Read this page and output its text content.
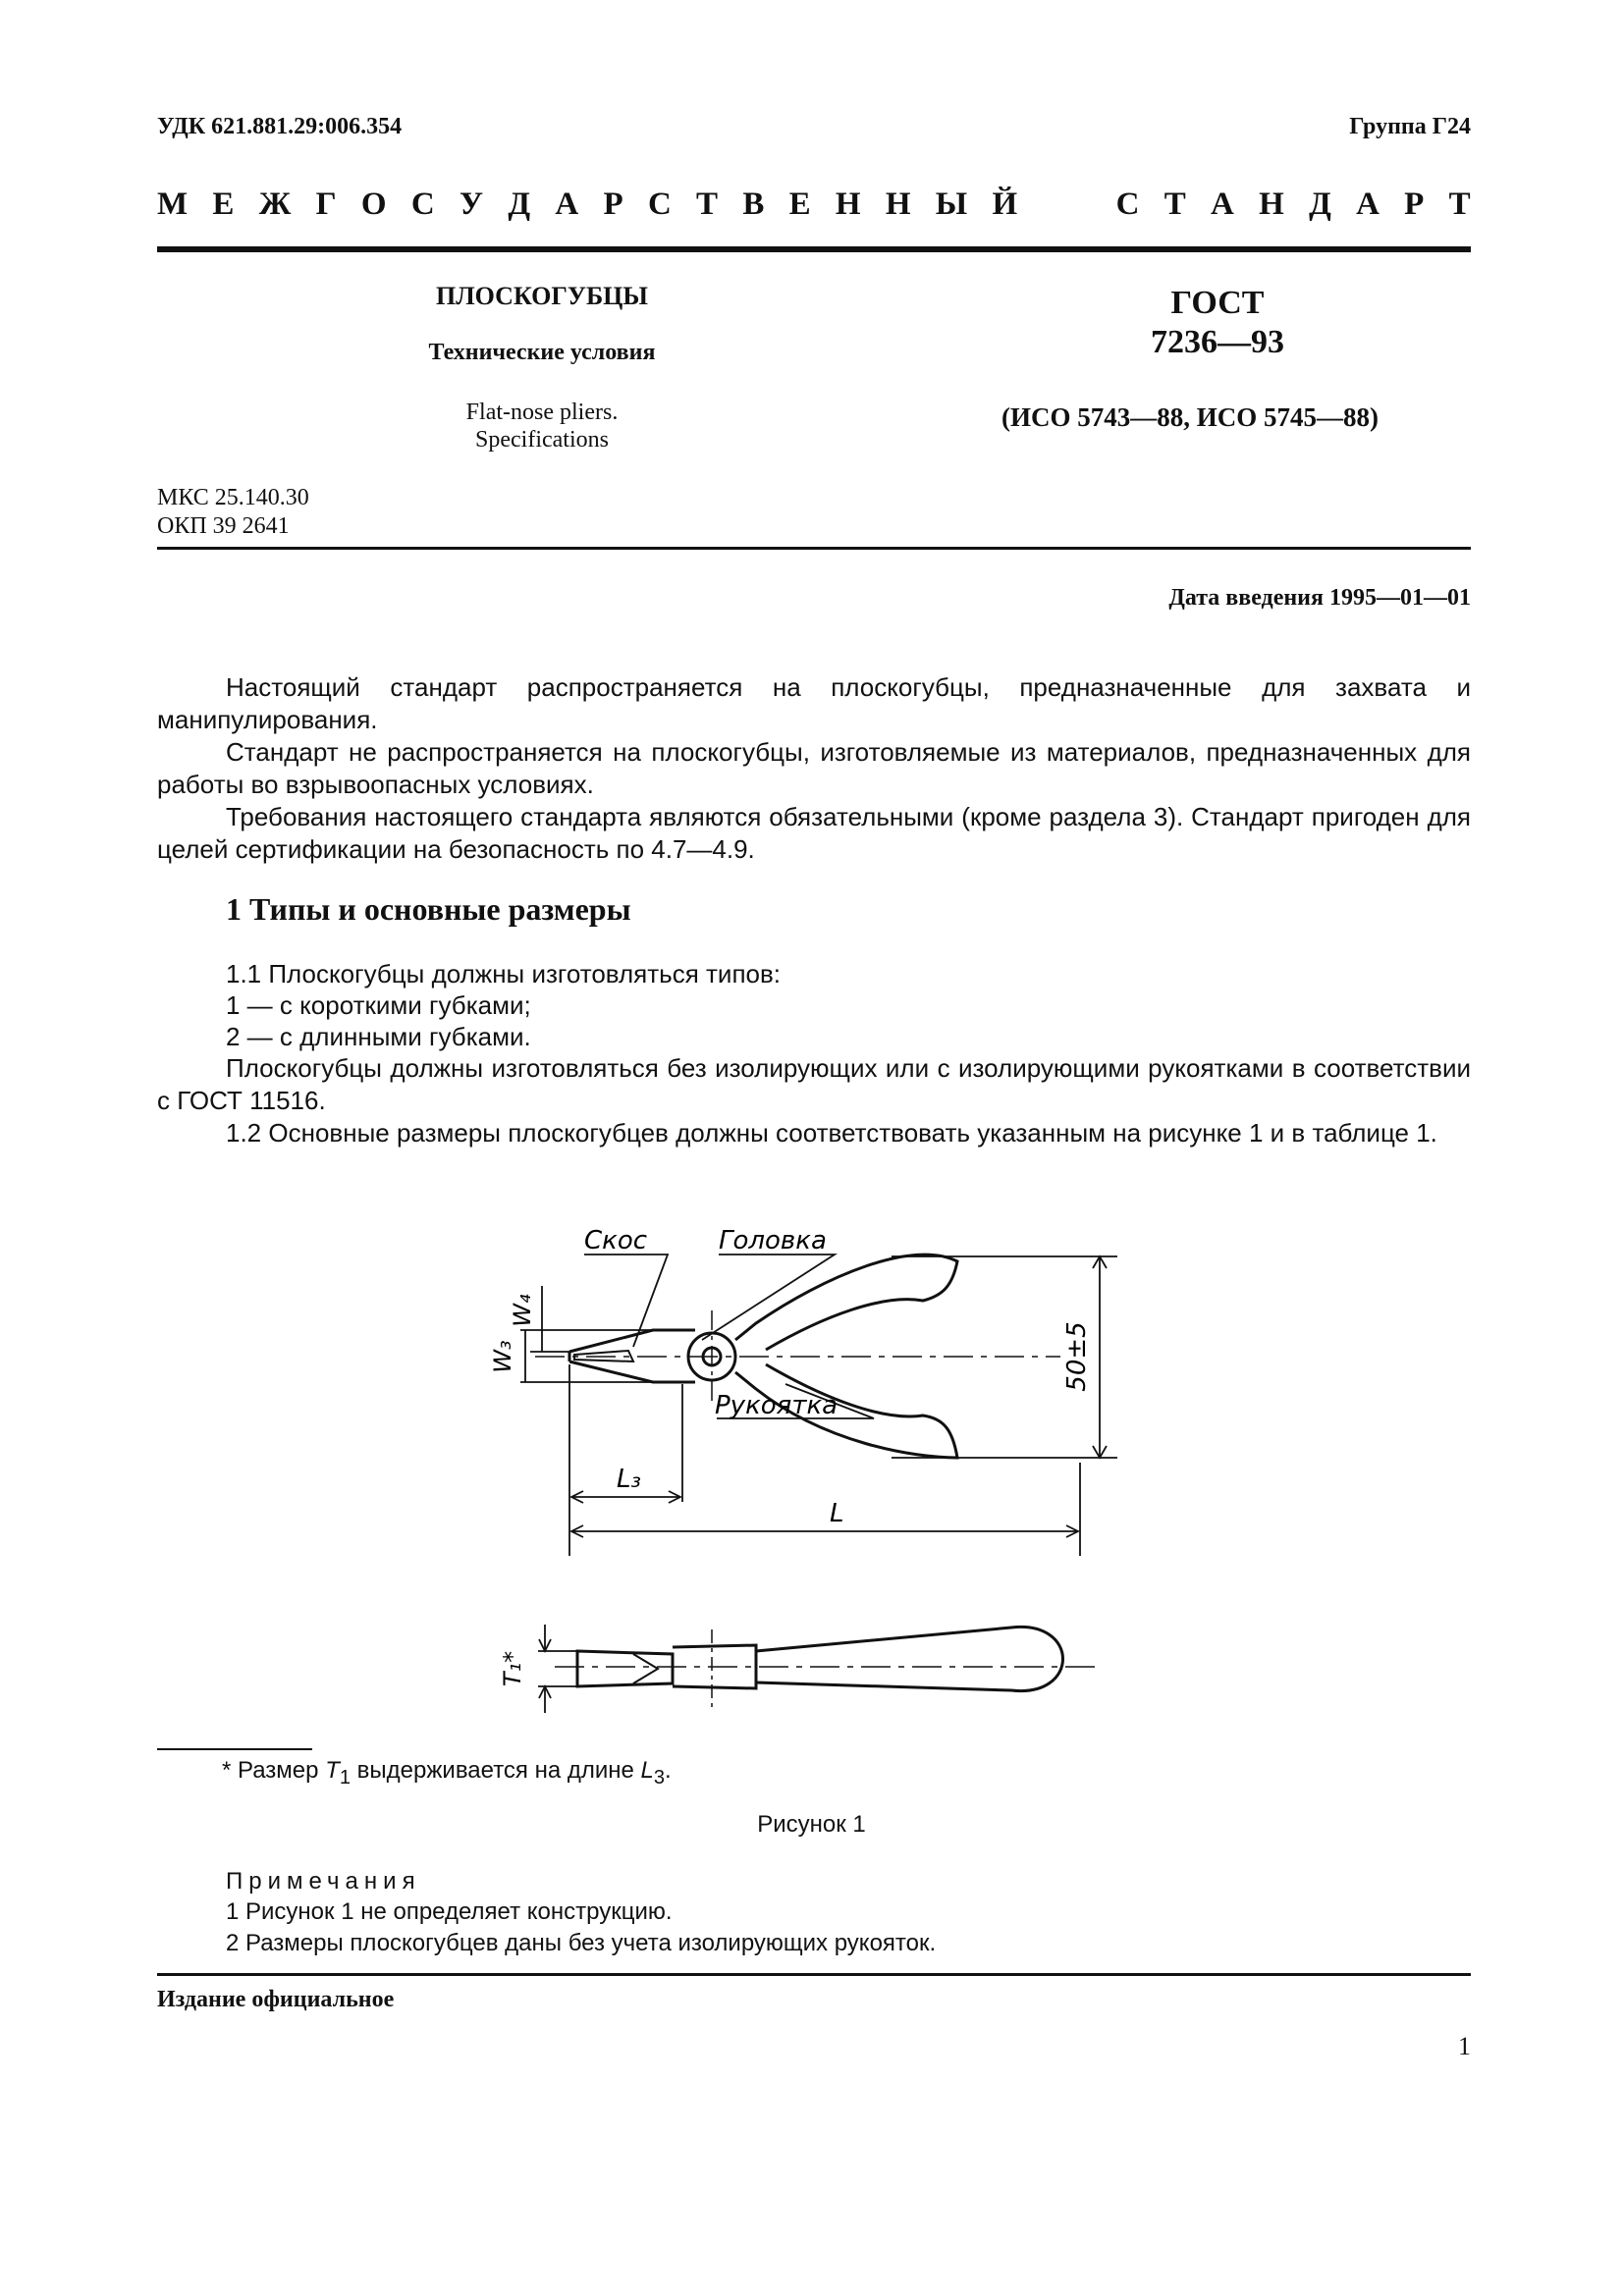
УДК 621.881.29:006.354	Группа Г24
М Е Ж Г О С У Д А Р С Т В Е Н Н Ы Й	С Т А Н Д А Р Т
ПЛОСКОГУБЦЫ
Технические условия
Flat-nose pliers.
Specifications
ГОСТ
7236—93
(ИСО 5743—88, ИСО 5745—88)
МКС 25.140.30
ОКП 39 2641
Дата введения 1995—01—01
Настоящий стандарт распространяется на плоскогубцы, предназначенные для захвата и манипулирования.
Стандарт не распространяется на плоскогубцы, изготовляемые из материалов, предназначенных для работы во взрывоопасных условиях.
Требования настоящего стандарта являются обязательными (кроме раздела 3). Стандарт пригоден для целей сертификации на безопасность по 4.7—4.9.
1 Типы и основные размеры
1.1 Плоскогубцы должны изготовляться типов:
1 — с короткими губками;
2 — с длинными губками.
Плоскогубцы должны изготовляться без изолирующих или с изолирующими рукоятками в соответствии с ГОСТ 11516.
1.2 Основные размеры плоскогубцев должны соответствовать указанным на рисунке 1 и в таблице 1.
Скос	Головка
Рукоятка
W₄
W₃	50±5
L₃
L
T₁*
* Размер $T_1$ выдерживается на длине $L_3$.
Рисунок 1
Примечания
1 Рисунок 1 не определяет конструкцию.
2 Размеры плоскогубцев даны без учета изолирующих рукояток.
Издание официальное
1
